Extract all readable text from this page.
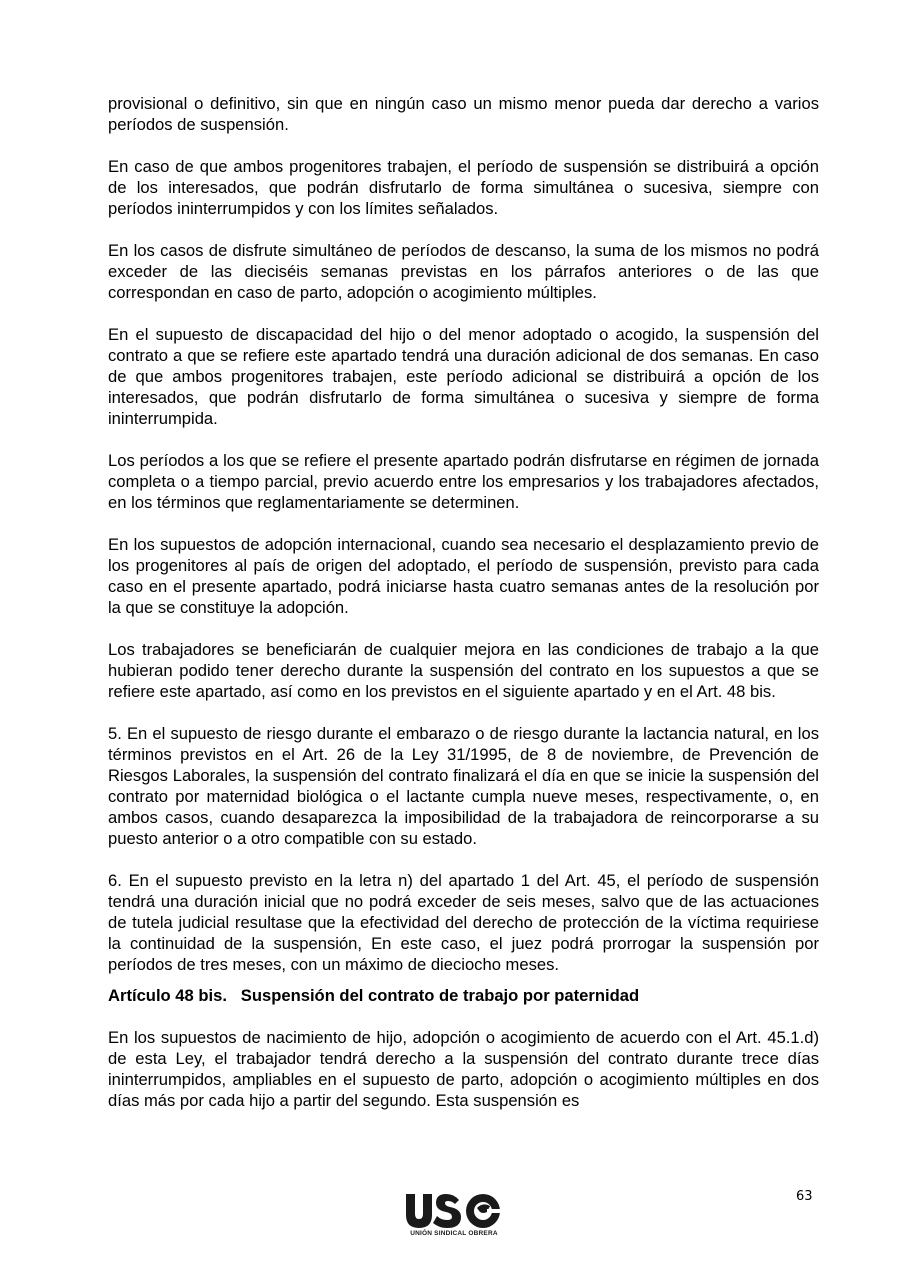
provisional o definitivo, sin que en ningún caso un mismo menor pueda dar derecho a varios períodos de suspensión.

En caso de que ambos progenitores trabajen, el período de suspensión se distribuirá a opción de los interesados, que podrán disfrutarlo de forma simultánea o sucesiva, siempre con períodos ininterrumpidos y con los límites señalados.

En los casos de disfrute simultáneo de períodos de descanso, la suma de los mismos no podrá exceder de las dieciséis semanas previstas en los párrafos anteriores o de las que correspondan en caso de parto, adopción o acogimiento múltiples.

En el supuesto de discapacidad del hijo o del menor adoptado o acogido, la suspensión del contrato a que se refiere este apartado tendrá una duración adicional de dos semanas. En caso de que ambos progenitores trabajen, este período adicional se distribuirá a opción de los interesados, que podrán disfrutarlo de forma simultánea o sucesiva y siempre de forma ininterrumpida.

Los períodos a los que se refiere el presente apartado podrán disfrutarse en régimen de jornada completa o a tiempo parcial, previo acuerdo entre los empresarios y los trabajadores afectados, en los términos que reglamentariamente se determinen.

En los supuestos de adopción internacional, cuando sea necesario el desplazamiento previo de los progenitores al país de origen del adoptado, el período de suspensión, previsto para cada caso en el presente apartado, podrá iniciarse hasta cuatro semanas antes de la resolución por la que se constituye la adopción.

Los trabajadores se beneficiarán de cualquier mejora en las condiciones de trabajo a la que hubieran podido tener derecho durante la suspensión del contrato en los supuestos a que se refiere este apartado, así como en los previstos en el siguiente apartado y en el Art. 48 bis.

5. En el supuesto de riesgo durante el embarazo o de riesgo durante la lactancia natural, en los términos previstos en el Art. 26 de la Ley 31/1995, de 8 de noviembre, de Prevención de Riesgos Laborales, la suspensión del contrato finalizará el día en que se inicie la suspensión del contrato por maternidad biológica o el lactante cumpla nueve meses, respectivamente, o, en ambos casos, cuando desaparezca la imposibilidad de la trabajadora de reincorporarse a su puesto anterior o a otro compatible con su estado.

6. En el supuesto previsto en la letra n) del apartado 1 del Art. 45, el período de suspensión tendrá una duración inicial que no podrá exceder de seis meses, salvo que de las actuaciones de tutela judicial resultase que la efectividad del derecho de protección de la víctima requiriese la continuidad de la suspensión, En este caso, el juez podrá prorrogar la suspensión por períodos de tres meses, con un máximo de dieciocho meses.

Artículo 48 bis.   Suspensión del contrato de trabajo por paternidad

En los supuestos de nacimiento de hijo, adopción o acogimiento de acuerdo con el Art. 45.1.d) de esta Ley, el trabajador tendrá derecho a la suspensión del contrato durante trece días ininterrumpidos, ampliables en el supuesto de parto, adopción o acogimiento múltiples en dos días más por cada hijo a partir del segundo. Esta suspensión es

63
UNIÓN SINDICAL OBRERA
